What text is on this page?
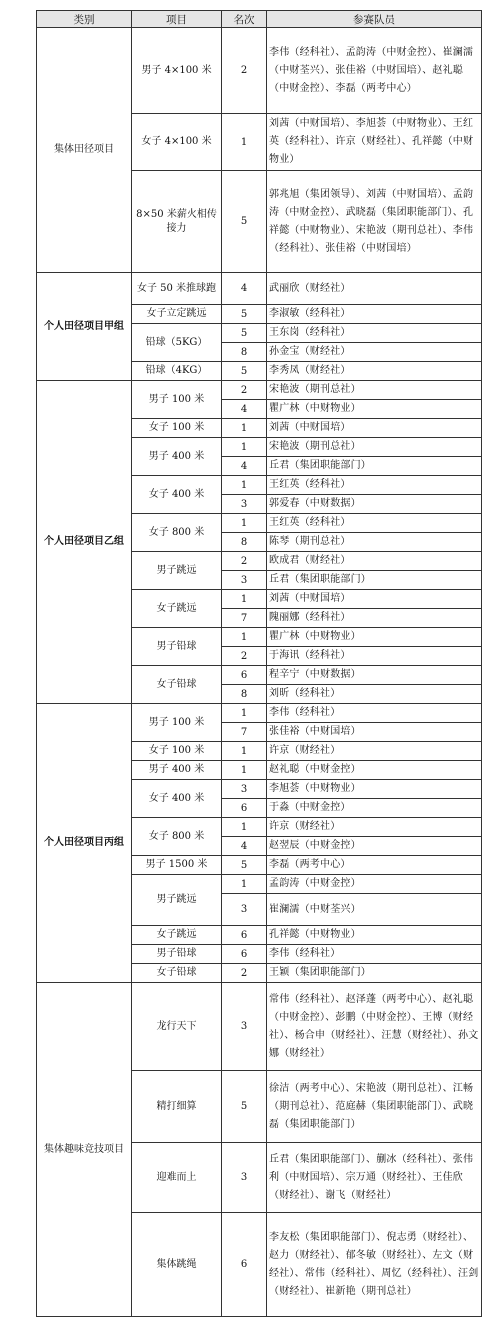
类别	项目	名次	参赛队员
集体田径项目	男子 4×100 米	2	李伟（经科社）、孟韵涛（中财金控）、崔澜濡（中财荃兴）、张佳裕（中财国培）、赵礼聪（中财金控）、李磊（两考中心）
	女子 4×100 米	1	刘茜（中财国培）、李旭荟（中财物业）、王红英（经科社）、许京（财经社）、孔祥懿（中财物业）
	8×50 米薪火相传接力	5	郭兆旭（集团领导）、刘茜（中财国培）、孟韵涛（中财金控）、武晓磊（集团职能部门）、孔祥懿（中财物业）、宋艳波（期刊总社）、李伟（经科社）、张佳裕（中财国培）
个人田径项目甲组	女子 50 米推球跑	4	武丽欣（财经社）
	女子立定跳远	5	李淑敏（经科社）
	铅球（5KG）	5	王东岗（经科社）
		8	孙金宝（财经社）
	铅球（4KG）	5	李秀凤（财经社）
个人田径项目乙组	男子 100 米	2	宋艳波（期刊总社）
		4	瞿广林（中财物业）
	女子 100 米	1	刘茜（中财国培）
	男子 400 米	1	宋艳波（期刊总社）
		4	丘君（集团职能部门）
	女子 400 米	1	王红英（经科社）
		3	郭爱春（中财数据）
	女子 800 米	1	王红英（经科社）
		8	陈琴（期刊总社）
	男子跳远	2	欧成君（财经社）
		3	丘君（集团职能部门）
	女子跳远	1	刘茜（中财国培）
		7	隗丽娜（经科社）
	男子铅球	1	瞿广林（中财物业）
		2	于海讯（经科社）
	女子铅球	6	程辛宁（中财数据）
		8	刘昕（经科社）
个人田径项目丙组	男子 100 米	1	李伟（经科社）
		7	张佳裕（中财国培）
	女子 100 米	1	许京（财经社）
	男子 400 米	1	赵礼聪（中财金控）
	女子 400 米	3	李旭荟（中财物业）
		6	于淼（中财金控）
	女子 800 米	1	许京（财经社）
		4	赵翌辰（中财金控）
	男子 1500 米	5	李磊（两考中心）
	男子跳远	1	孟韵涛（中财金控）
		3	崔澜濡（中财荃兴）
	女子跳远	6	孔祥懿（中财物业）
	男子铅球	6	李伟（经科社）
	女子铅球	2	王颖（集团职能部门）
集体趣味竞技项目	龙行天下	3	常伟（经科社）、赵泽蓬（两考中心）、赵礼聪（中财金控）、彭鹏（中财金控）、王博（财经社）、杨合申（财经社）、汪慧（财经社）、孙文娜（财经社）
	精打细算	5	徐洁（两考中心）、宋艳波（期刊总社）、江畅（期刊总社）、范庭赫（集团职能部门）、武晓磊（集团职能部门）
	迎难而上	3	丘君（集团职能部门）、蒯冰（经科社）、张伟利（中财国培）、宗万通（财经社）、王佳欣（财经社）、谢飞（财经社）
	集体跳绳	6	李友松（集团职能部门）、倪志勇（财经社）、赵力（财经社）、郁冬敏（财经社）、左文（财经社）、常伟（经科社）、周忆（经科社）、汪剑（财经社）、崔新艳（期刊总社）
